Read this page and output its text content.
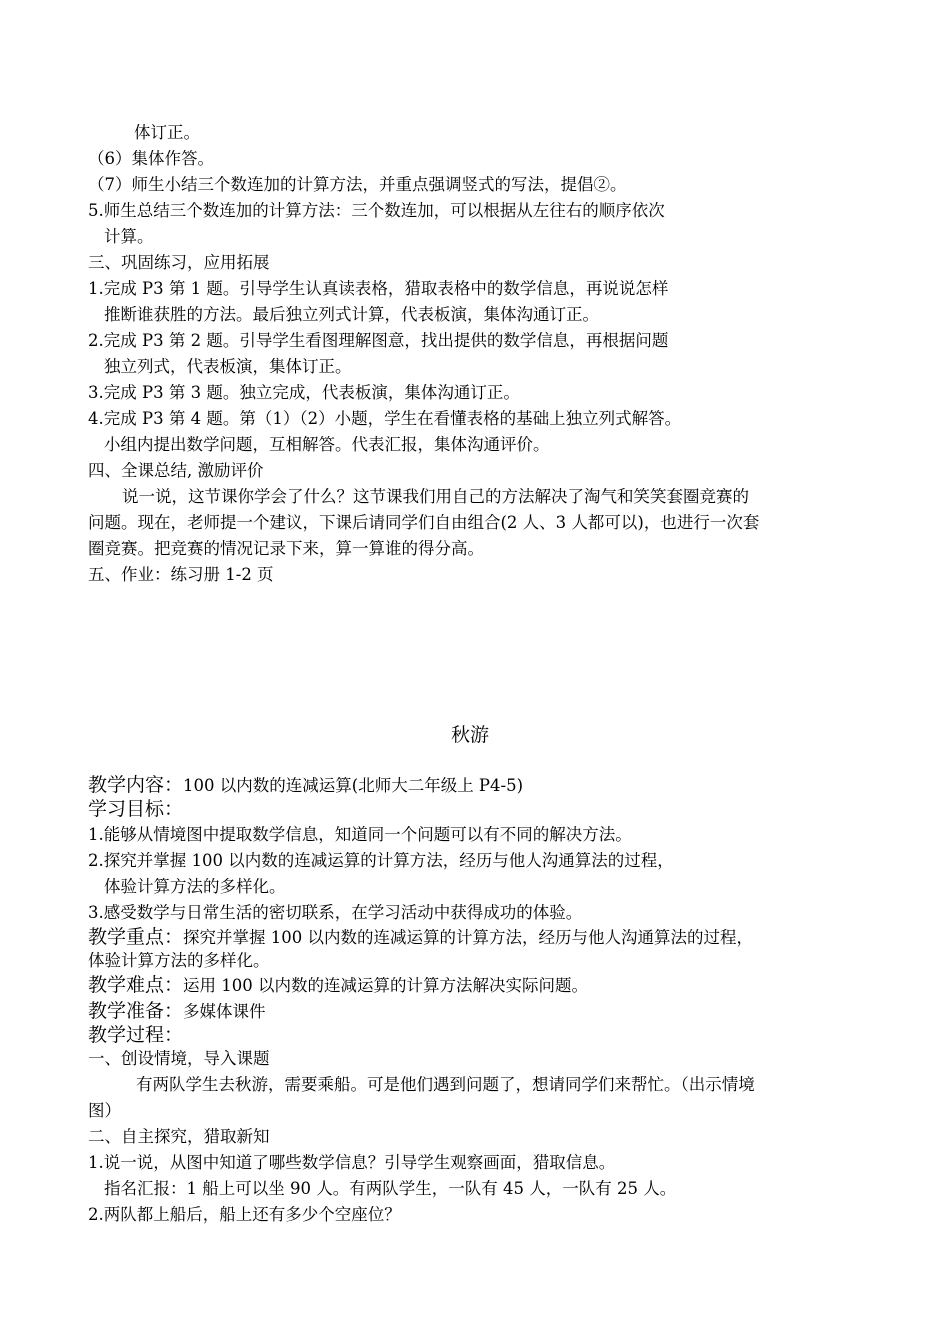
体订正。
（6）集体作答。
（7）师生小结三个数连加的计算方法，并重点强调竖式的写法，提倡②。
5.师生总结三个数连加的计算方法：三个数连加，可以根据从左往右的顺序依次
计算。
三、巩固练习，应用拓展
1.完成 P3 第 1 题。引导学生认真读表格，猎取表格中的数学信息，再说说怎样
推断谁获胜的方法。最后独立列式计算，代表板演，集体沟通订正。
2.完成 P3 第 2 题。引导学生看图理解图意，找出提供的数学信息，再根据问题
独立列式，代表板演，集体订正。
3.完成 P3 第 3 题。独立完成，代表板演，集体沟通订正。
4.完成 P3 第 4 题。第（1）（2）小题，学生在看懂表格的基础上独立列式解答。
小组内提出数学问题，互相解答。代表汇报，集体沟通评价。
四、全课总结, 激励评价
说一说，这节课你学会了什么？这节课我们用自己的方法解决了淘气和笑笑套圈竞赛的
问题。现在，老师提一个建议，下课后请同学们自由组合(2 人、3 人都可以)，也进行一次套
圈竞赛。把竞赛的情况记录下来，算一算谁的得分高。
五、作业：练习册 1-2 页
秋游
教学内容：100 以内数的连减运算(北师大二年级上 P4-5)
学习目标：
1.能够从情境图中提取数学信息，知道同一个问题可以有不同的解决方法。
2.探究并掌握 100 以内数的连减运算的计算方法，经历与他人沟通算法的过程，
体验计算方法的多样化。
3.感受数学与日常生活的密切联系，在学习活动中获得成功的体验。
教学重点：探究并掌握 100 以内数的连减运算的计算方法，经历与他人沟通算法的过程，
体验计算方法的多样化。
教学难点：运用 100 以内数的连减运算的计算方法解决实际问题。
教学准备：多媒体课件
教学过程：
一、创设情境，导入课题
有两队学生去秋游，需要乘船。可是他们遇到问题了，想请同学们来帮忙。（出示情境
图）
二、自主探究，猎取新知
1.说一说，从图中知道了哪些数学信息？引导学生观察画面，猎取信息。
指名汇报：1 船上可以坐 90 人。有两队学生，一队有 45 人，一队有 25 人。
2.两队都上船后，船上还有多少个空座位？
